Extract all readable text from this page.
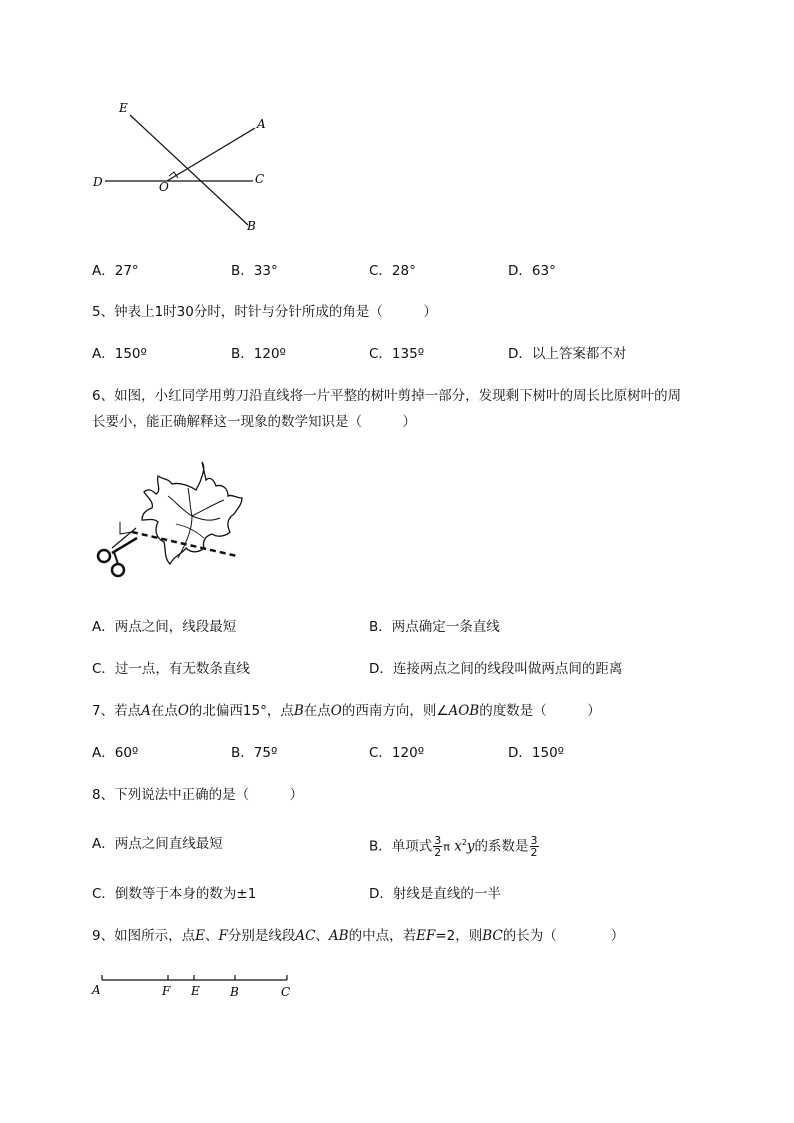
E
A
D	O
C
B
A．27°	B．33°	C．28°	D．63°
5、钟表上1时30分时，时针与分针所成的角是（　　　）
A．150º	B．120º	C．135º	D．以上答案都不对
6、如图，小红同学用剪刀沿直线将一片平整的树叶剪掉一部分，发现剩下树叶的周长比原树叶的周
长要小，能正确解释这一现象的数学知识是（　　　）
A．两点之间，线段最短	B．两点确定一条直线
C．过一点，有无数条直线	D．连接两点之间的线段叫做两点间的距离
7、若点A在点O的北偏西15°，点B在点O的西南方向，则∠AOB的度数是（　　　）
A．60º	B．75º	C．120º	D．150º
8、下列说法中正确的是（　　　）
A．两点之间直线最短	B．单项式 $\frac{3}{2}$ π $x^2y$的系数是 $\frac{3}{2}$
C．倒数等于本身的数为±1	D．射线是直线的一半
9、如图所示，点E、F分别是线段AC、AB的中点，若EF=2，则BC的长为（　　　　）
A	F E	B	C
